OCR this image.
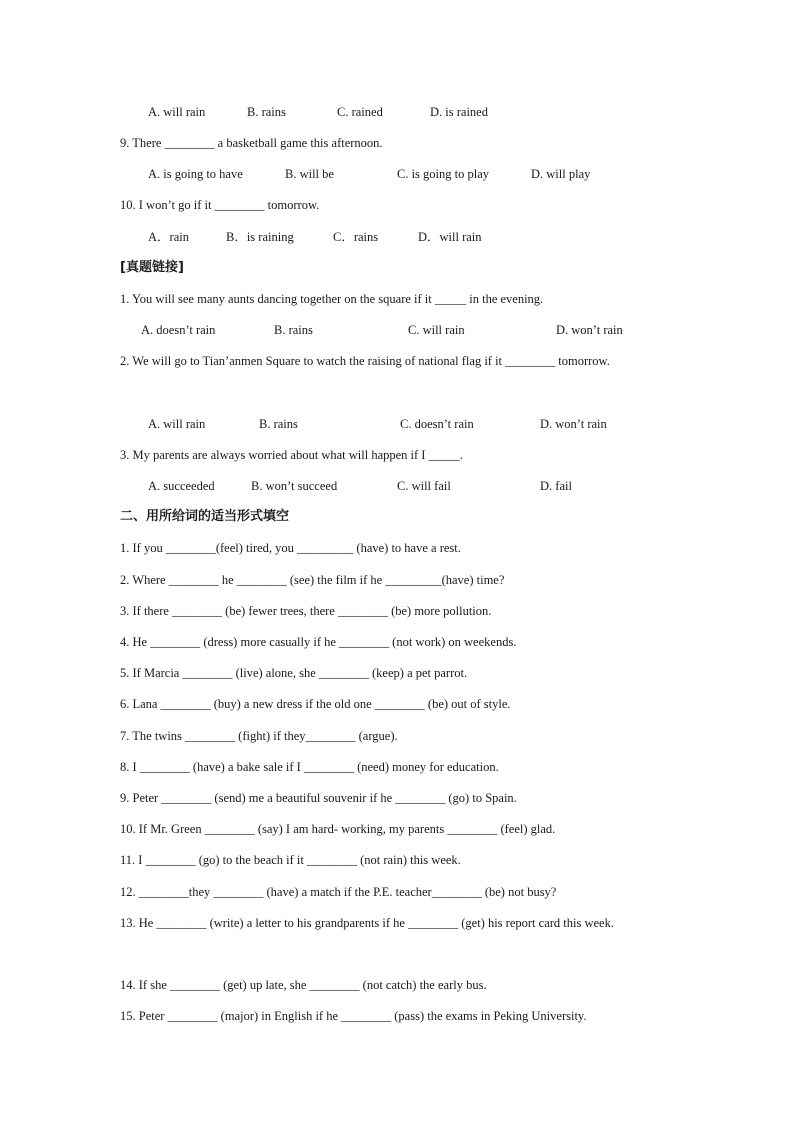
A. will rain	B. rains	C. rained	D. is rained
9. There ________ a basketball game this afternoon.
A. is going to have	B. will be	C. is going to play	D. will play
10. I won’t go if it ________ tomorrow.
A．rain	B．is raining	C．rains	D．will rain
[真题链接]
1. You will see many aunts dancing together on the square if it _____ in the evening.
A. doesn’t rain	B. rains	C. will rain	D. won’t rain
2. We will go to Tian’anmen Square to watch the raising of national flag if it ________ tomorrow.
A. will rain	B. rains	C. doesn’t rain	D. won’t rain
3. My parents are always worried about what will happen if I _____.
A. succeeded	B. won’t succeed	C. will fail	D. fail
二、用所给词的适当形式填空
1. If you ________(feel) tired, you _________ (have) to have a rest.
2. Where ________ he ________ (see) the film if he _________(have) time?
3. If there ________ (be) fewer trees, there ________ (be) more pollution.
4. He ________ (dress) more casually if he ________ (not work) on weekends.
5. If Marcia ________ (live) alone, she ________ (keep) a pet parrot.
6. Lana ________ (buy) a new dress if the old one ________ (be) out of style.
7. The twins ________ (fight) if they________ (argue).
8. I ________ (have) a bake sale if I ________ (need) money for education.
9. Peter ________ (send) me a beautiful souvenir if he ________ (go) to Spain.
10. If Mr. Green ________ (say) I am hard- working, my parents ________ (feel) glad.
11. I ________ (go) to the beach if it ________ (not rain) this week.
12. ________they ________ (have) a match if the P.E. teacher________ (be) not busy?
13. He ________ (write) a letter to his grandparents if he ________ (get) his report card this week.
14. If she ________ (get) up late, she ________ (not catch) the early bus.
15. Peter ________ (major) in English if he ________ (pass) the exams in Peking University.
